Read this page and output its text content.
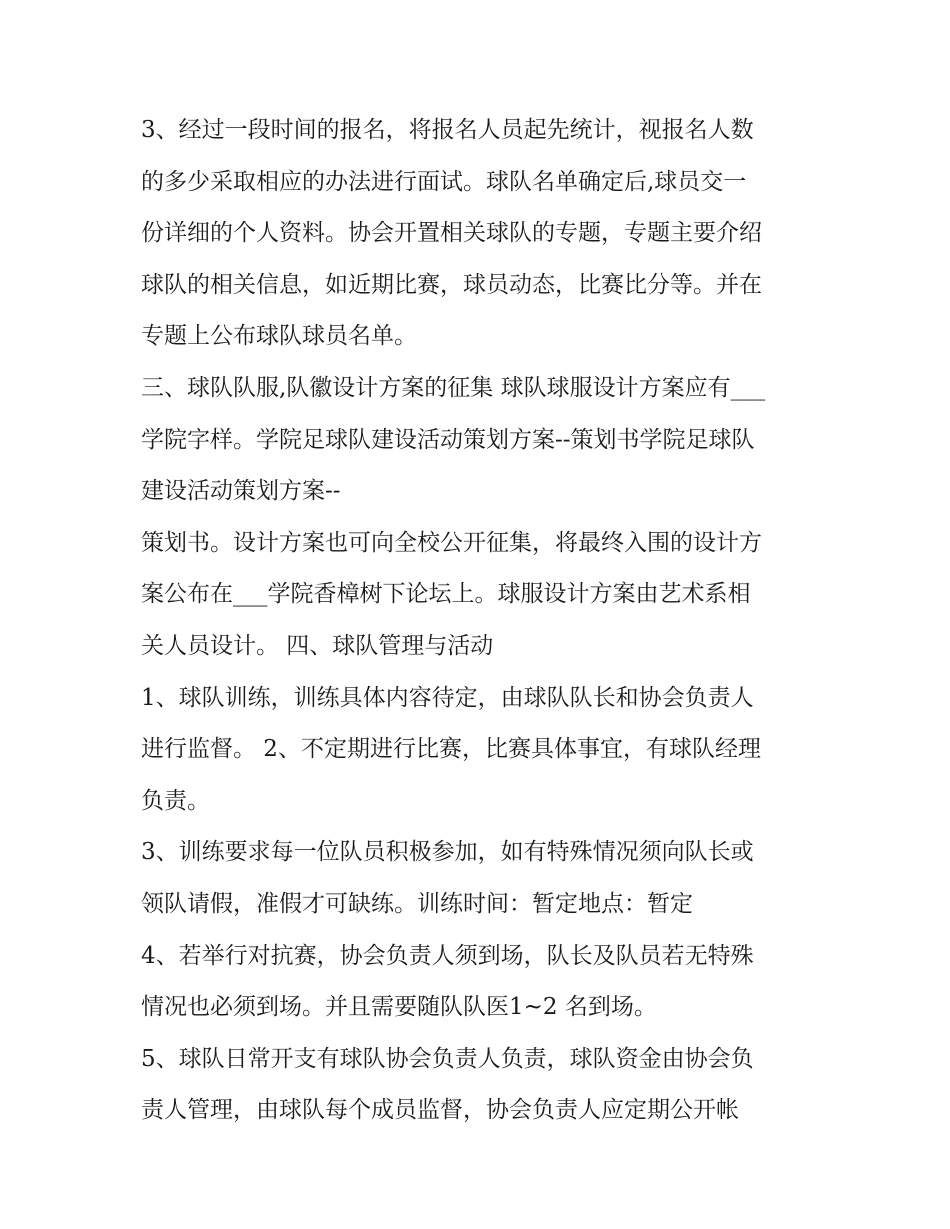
3、经过一段时间的报名，将报名人员起先统计，视报名人数
的多少采取相应的办法进行面试。球队名单确定后,球员交一
份详细的个人资料。协会开置相关球队的专题，专题主要介绍
球队的相关信息，如近期比赛，球员动态，比赛比分等。并在
专题上公布球队球员名单。
三、球队队服,队徽设计方案的征集 球队球服设计方案应有___
学院字样。学院足球队建设活动策划方案--策划书学院足球队
建设活动策划方案--
策划书。设计方案也可向全校公开征集，将最终入围的设计方
案公布在___学院香樟树下论坛上。球服设计方案由艺术系相
关人员设计。 四、球队管理与活动
1、球队训练，训练具体内容待定，由球队队长和协会负责人
进行监督。 2、不定期进行比赛，比赛具体事宜，有球队经理
负责。
3、训练要求每一位队员积极参加，如有特殊情况须向队长或
领队请假，准假才可缺练。训练时间：暂定地点：暂定
4、若举行对抗赛，协会负责人须到场，队长及队员若无特殊
情况也必须到场。并且需要随队队医1~2 名到场。
5、球队日常开支有球队协会负责人负责，球队资金由协会负
责人管理，由球队每个成员监督，协会负责人应定期公开帐
